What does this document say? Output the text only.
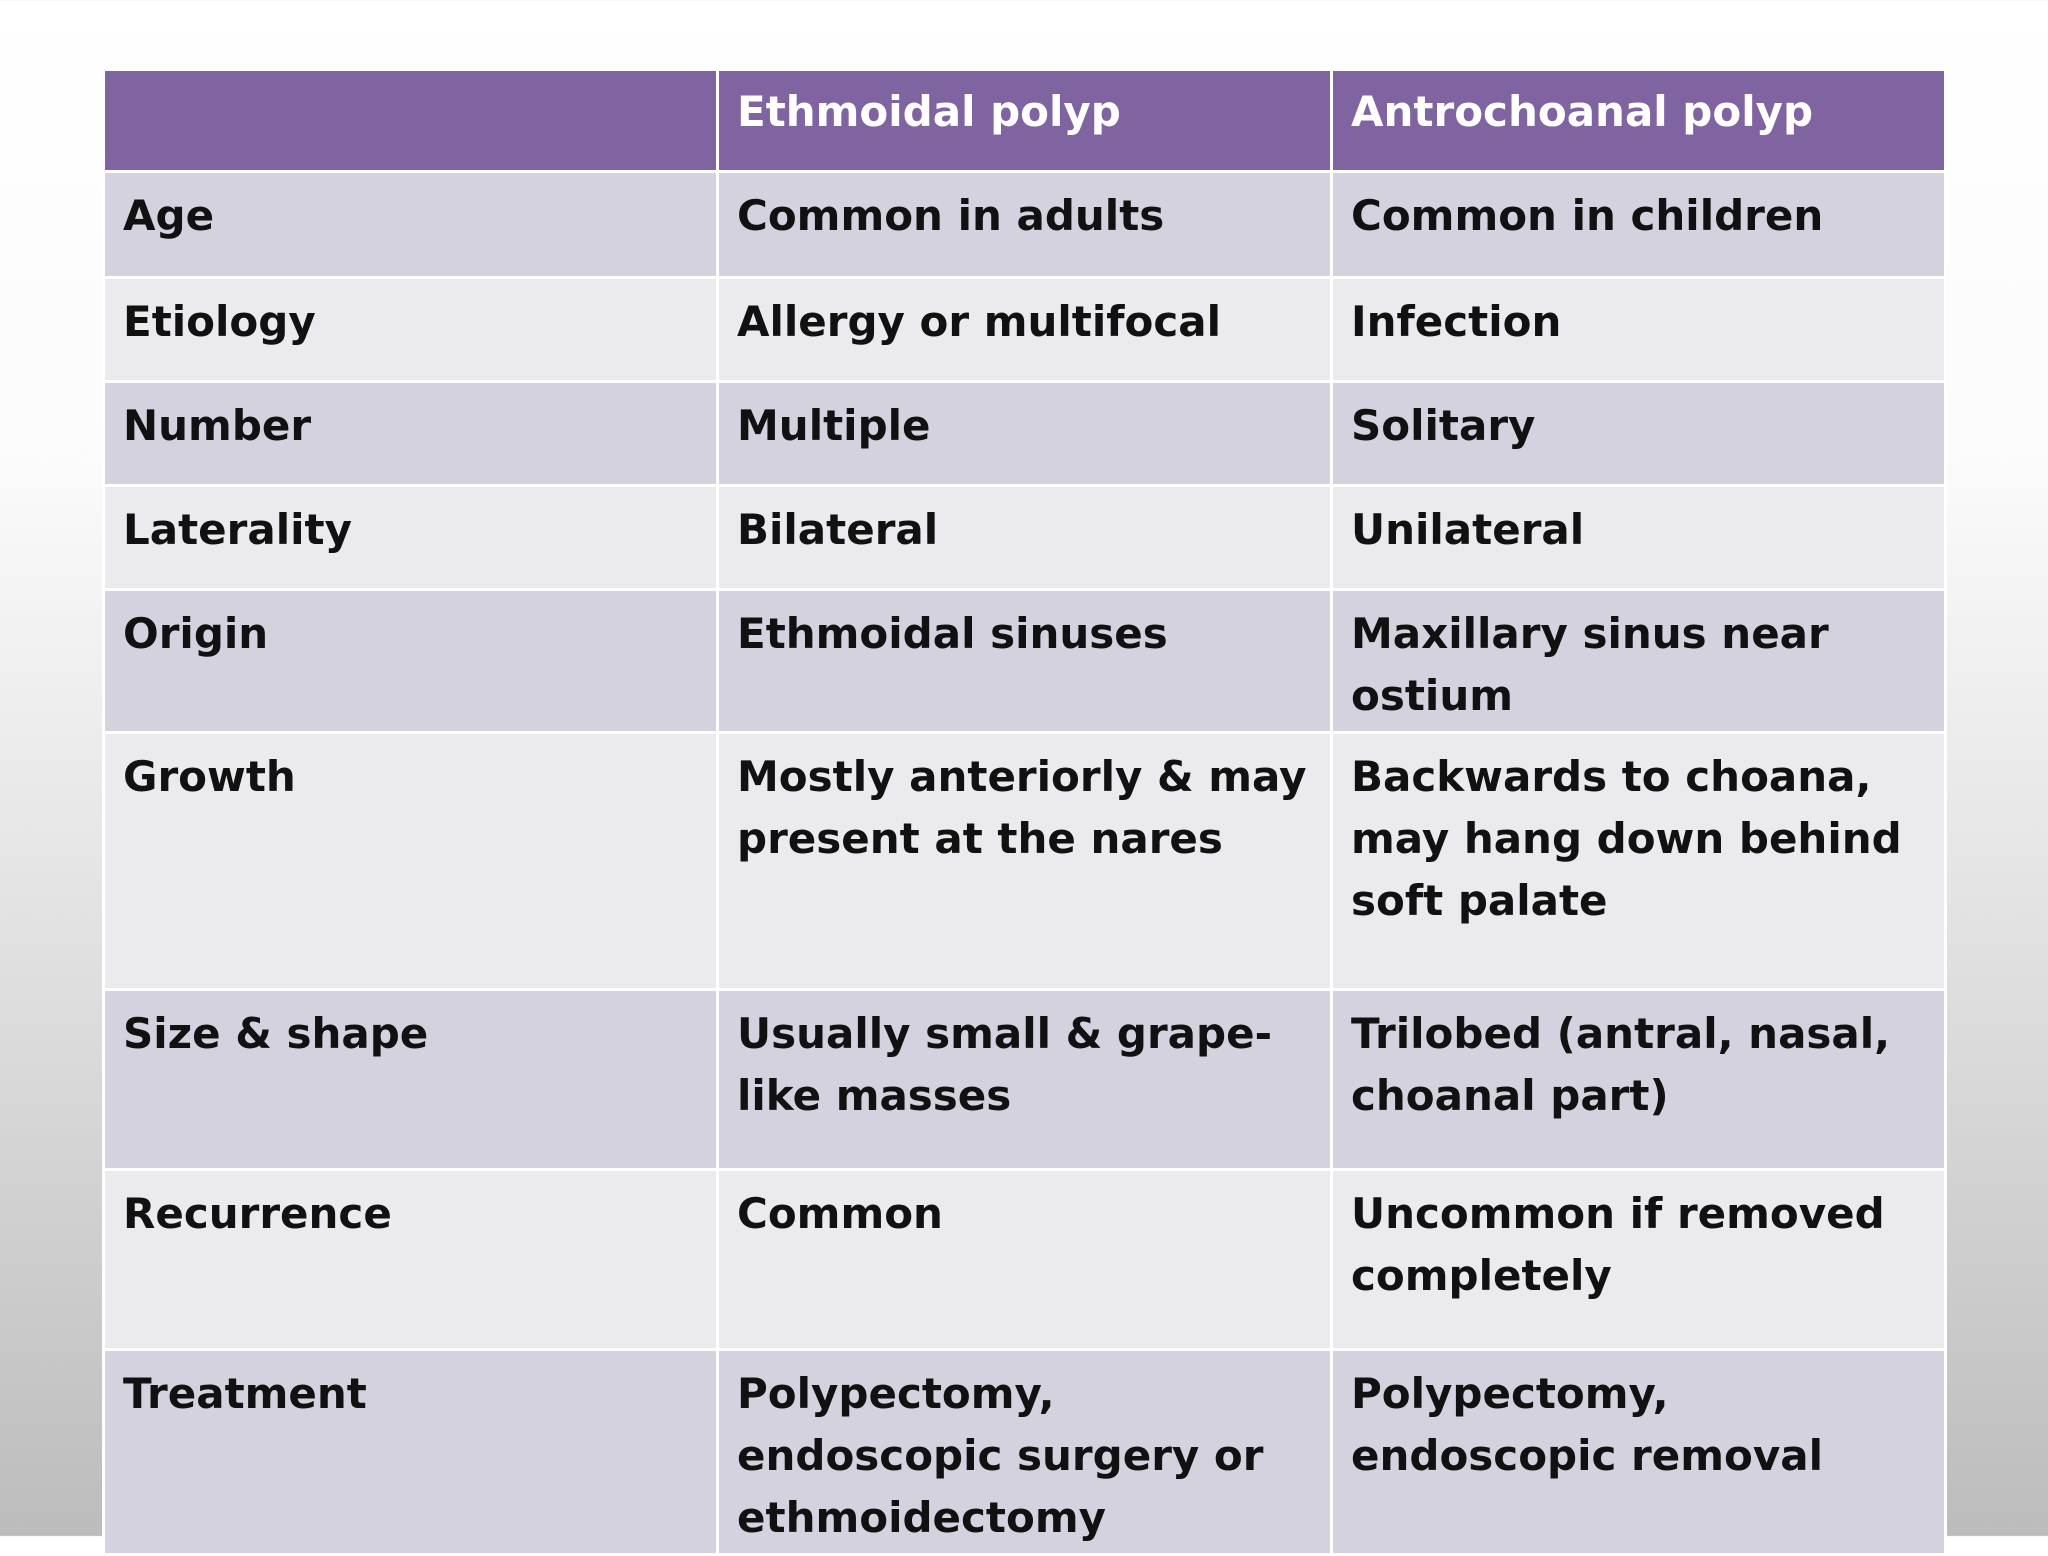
	Ethmoidal polyp	Antrochoanal polyp
Age	Common in adults	Common in children
Etiology	Allergy or multifocal	Infection
Number	Multiple	Solitary
Laterality	Bilateral	Unilateral
Origin	Ethmoidal sinuses	Maxillary sinus near ostium
Growth	Mostly anteriorly & may present at the nares	Backwards to choana, may hang down behind soft palate
Size & shape	Usually small & grape-like masses	Trilobed (antral, nasal, choanal part)
Recurrence	Common	Uncommon if removed completely
Treatment	Polypectomy, endoscopic surgery or ethmoidectomy	Polypectomy, endoscopic removal
